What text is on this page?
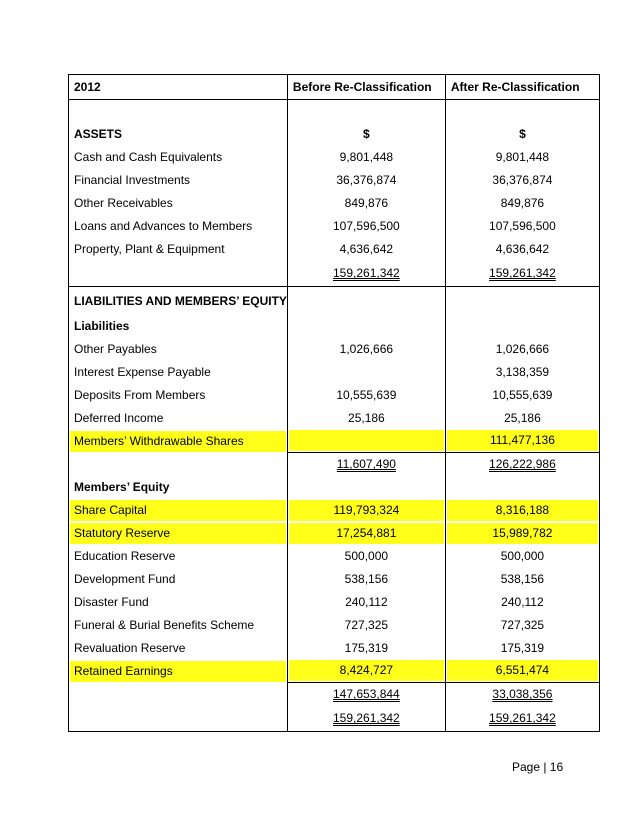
2012	Before Re-Classification	After Re-Classification

ASSETS	$	$
Cash and Cash Equivalents	9,801,448	9,801,448
Financial Investments	36,376,874	36,376,874
Other Receivables	849,876	849,876
Loans and Advances to Members	107,596,500	107,596,500
Property, Plant & Equipment	4,636,642	4,636,642
	159,261,342	159,261,342
LIABILITIES AND MEMBERS’ EQUITY		
Liabilities		
Other Payables	1,026,666	1,026,666
Interest Expense Payable		3,138,359
Deposits From Members	10,555,639	10,555,639
Deferred Income	25,186	25,186

Members’ Withdrawable Shares		111,477,136

	11,607,490	126,222,986
Members’ Equity		

Share Capital	119,793,324	8,316,188

Statutory Reserve	17,254,881	15,989,782

Education Reserve	500,000	500,000
Development Fund	538,156	538,156
Disaster Fund	240,112	240,112
Funeral & Burial Benefits Scheme	727,325	727,325
Revaluation Reserve	175,319	175,319

Retained Earnings	8,424,727	6,551,474

	147,653,844	33,038,356
	159,261,342	159,261,342
Page | 16
